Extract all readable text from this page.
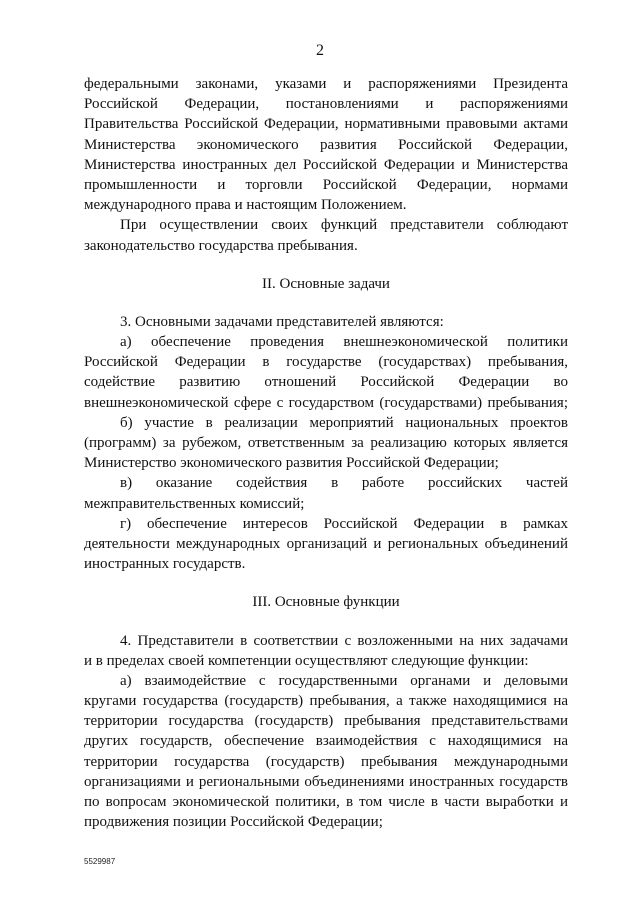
2
федеральными законами, указами и распоряжениями Президента
Российской Федерации, постановлениями и распоряжениями
Правительства Российской Федерации, нормативными правовыми актами
Министерства экономического развития Российской Федерации,
Министерства иностранных дел Российской Федерации и Министерства
промышленности и торговли Российской Федерации, нормами
международного права и настоящим Положением.
При осуществлении своих функций представители соблюдают
законодательство государства пребывания.
II. Основные задачи
3. Основными задачами представителей являются:
а) обеспечение проведения внешнеэкономической политики
Российской Федерации в государстве (государствах) пребывания,
содействие развитию отношений Российской Федерации во
внешнеэкономической сфере с государством (государствами) пребывания;
б) участие в реализации мероприятий национальных проектов
(программ) за рубежом, ответственным за реализацию которых является
Министерство экономического развития Российской Федерации;
в) оказание содействия в работе российских частей
межправительственных комиссий;
г) обеспечение интересов Российской Федерации в рамках
деятельности международных организаций и региональных объединений
иностранных государств.
III. Основные функции
4. Представители в соответствии с возложенными на них задачами
и в пределах своей компетенции осуществляют следующие функции:
а) взаимодействие с государственными органами и деловыми
кругами государства (государств) пребывания, а также находящимися на
территории государства (государств) пребывания представительствами
других государств, обеспечение взаимодействия с находящимися на
территории государства (государств) пребывания международными
организациями и региональными объединениями иностранных государств
по вопросам экономической политики, в том числе в части выработки и
продвижения позиции Российской Федерации;
5529987
